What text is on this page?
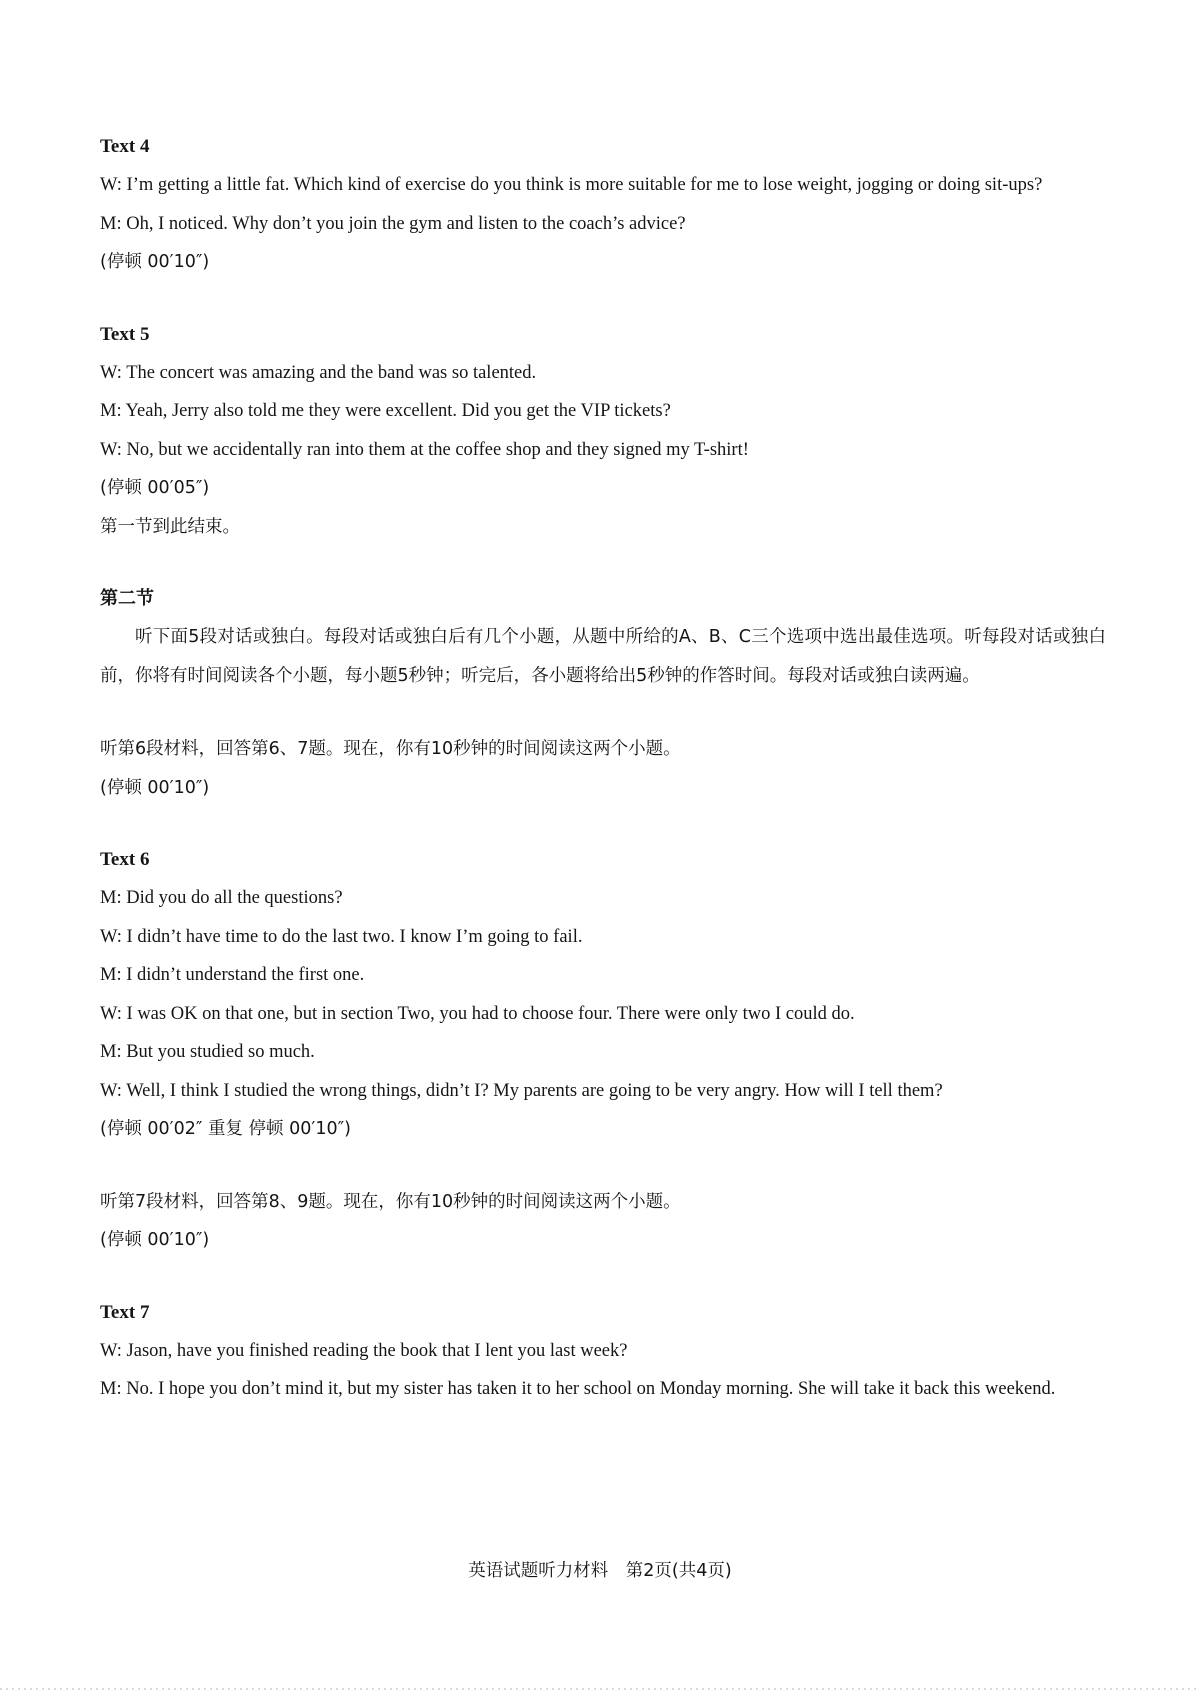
Text 4

W: I’m getting a little fat. Which kind of exercise do you think is more suitable for me to lose weight, jogging or doing sit-ups?

M: Oh, I noticed. Why don’t you join the gym and listen to the coach’s advice?

(停顿 00′10″)

Text 5

W: The concert was amazing and the band was so talented.

M: Yeah, Jerry also told me they were excellent. Did you get the VIP tickets?

W: No, but we accidentally ran into them at the coffee shop and they signed my T-shirt!

(停顿 00′05″)

第一节到此结束。

第二节

听下面5段对话或独白。每段对话或独白后有几个小题，从题中所给的A、B、C三个选项中选出最佳选项。听每段对话或独白前，你将有时间阅读各个小题，每小题5秒钟；听完后，各小题将给出5秒钟的作答时间。每段对话或独白读两遍。

听第6段材料，回答第6、7题。现在，你有10秒钟的时间阅读这两个小题。

(停顿 00′10″)

Text 6

M: Did you do all the questions?

W: I didn’t have time to do the last two. I know I’m going to fail.

M: I didn’t understand the first one.

W: I was OK on that one, but in section Two, you had to choose four. There were only two I could do.

M: But you studied so much.

W: Well, I think I studied the wrong things, didn’t I? My parents are going to be very angry. How will I tell them?

(停顿 00′02″ 重复 停顿 00′10″)

听第7段材料，回答第8、9题。现在，你有10秒钟的时间阅读这两个小题。

(停顿 00′10″)

Text 7

W: Jason, have you finished reading the book that I lent you last week?

M: No. I hope you don’t mind it, but my sister has taken it to her school on Monday morning. She will take it back this weekend.

英语试题听力材料　第2页(共4页)
